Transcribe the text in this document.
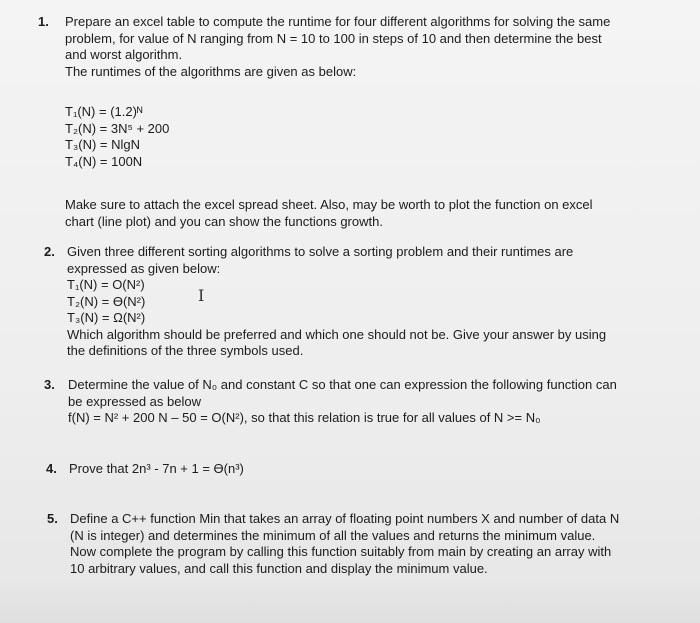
1. Prepare an excel table to compute the runtime for four different algorithms for solving the same
problem, for value of N ranging from N = 10 to 100 in steps of 10 and then determine the best
and worst algorithm.
The runtimes of the algorithms are given as below:
T₁(N) = (1.2)ᴺ
T₂(N) = 3N⁵ + 200
T₃(N) = NlgN
T₄(N) = 100N
Make sure to attach the excel spread sheet. Also, may be worth to plot the function on excel
chart (line plot) and you can show the functions growth.
2. Given three different sorting algorithms to solve a sorting problem and their runtimes are
expressed as given below:
T₁(N) = O(N²)
T₂(N) = ϴ(N²)
T₃(N) = Ω(N²)
Which algorithm should be preferred and which one should not be. Give your answer by using
the definitions of the three symbols used.
I
3. Determine the value of N₀ and constant C so that one can expression the following function can
be expressed as below
f(N) = N² + 200 N – 50 = O(N²), so that this relation is true for all values of N >= N₀
4. Prove that 2n³ - 7n + 1 = ϴ(n³)
5. Define a C++ function Min that takes an array of floating point numbers X and number of data N
(N is integer) and determines the minimum of all the values and returns the minimum value.
Now complete the program by calling this function suitably from main by creating an array with
10 arbitrary values, and call this function and display the minimum value.
